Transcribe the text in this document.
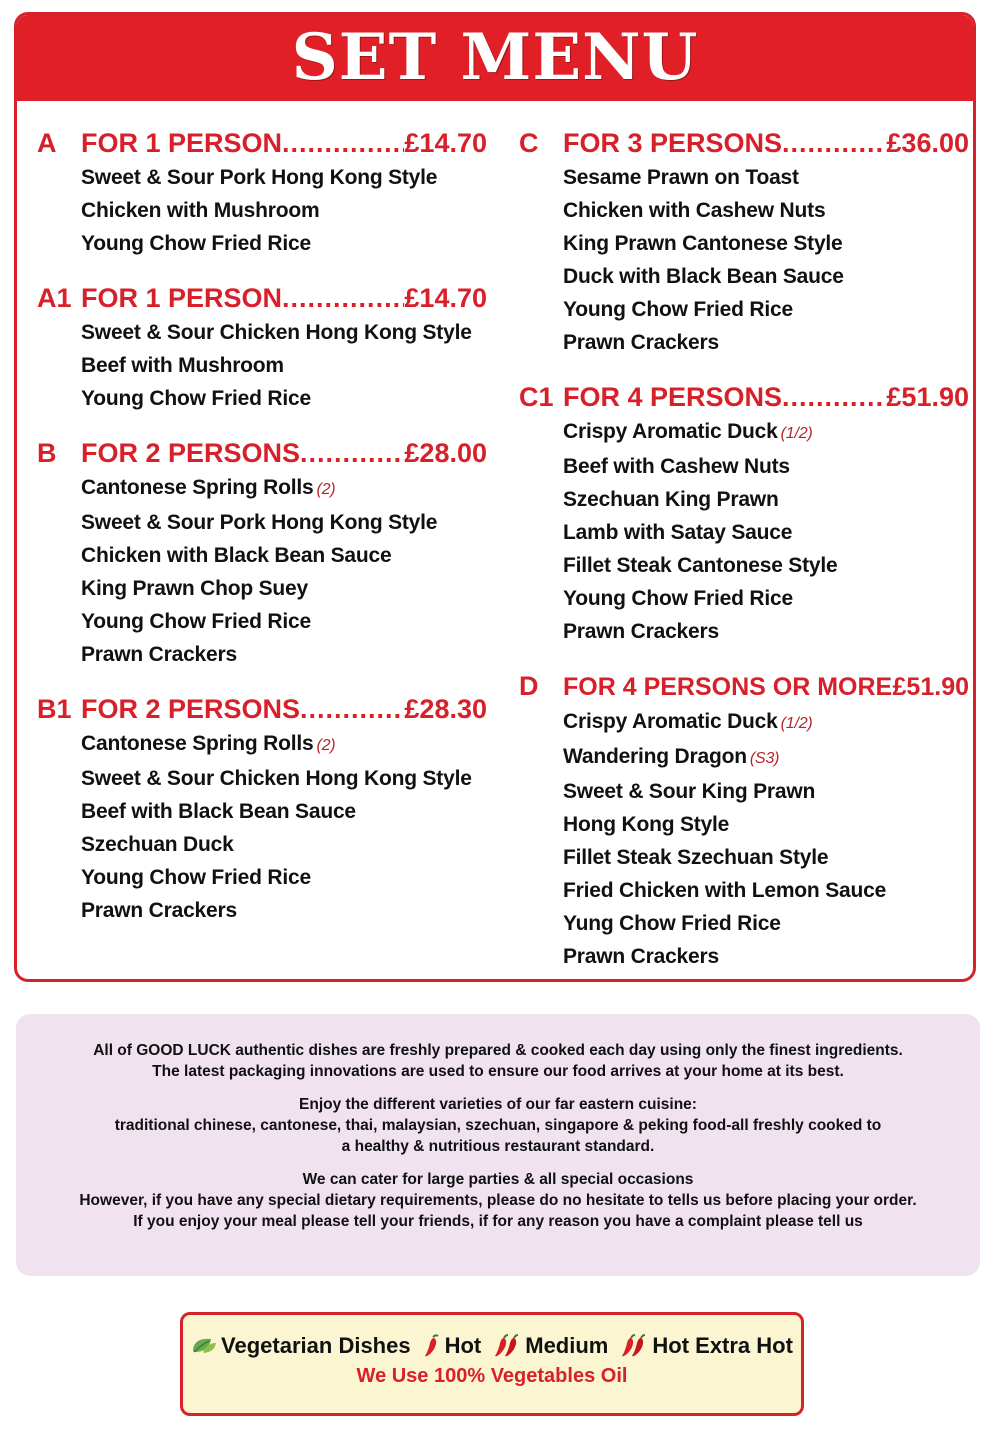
SET MENU
A FOR 1 PERSON .....	£14.70
Sweet & Sour Pork Hong Kong Style
Chicken with Mushroom
Young Chow Fried Rice
A1 FOR 1 PERSON .....	£14.70
Sweet & Sour Chicken Hong Kong Style
Beef with Mushroom
Young Chow Fried Rice
B FOR 2 PERSONS .....	£28.00
Cantonese Spring Rolls (2)
Sweet & Sour Pork Hong Kong Style
Chicken with Black Bean Sauce
King Prawn Chop Suey
Young Chow Fried Rice
Prawn Crackers
B1 FOR 2 PERSONS .....	£28.30
Cantonese Spring Rolls (2)
Sweet & Sour Chicken Hong Kong Style
Beef with Black Bean Sauce
Szechuan Duck
Young Chow Fried Rice
Prawn Crackers
C FOR 3 PERSONS .....	£36.00
Sesame Prawn on Toast
Chicken with Cashew Nuts
King Prawn Cantonese Style
Duck with Black Bean Sauce
Young Chow Fried Rice
Prawn Crackers
C1 FOR 4 PERSONS .....	£51.90
Crispy Aromatic Duck (1/2)
Beef with Cashew Nuts
Szechuan King Prawn
Lamb with Satay Sauce
Fillet Steak Cantonese Style
Young Chow Fried Rice
Prawn Crackers
D FOR 4 PERSONS OR MORE £51.90
Crispy Aromatic Duck (1/2)
Wandering Dragon (S3)
Sweet & Sour King Prawn
Hong Kong Style
Fillet Steak Szechuan Style
Fried Chicken with Lemon Sauce
Yung Chow Fried Rice
Prawn Crackers

All of GOOD LUCK authentic dishes are freshly prepared & cooked each day using only the finest ingredients.
The latest packaging innovations are used to ensure our food arrives at your home at its best.

Enjoy the different varieties of our far eastern cuisine:
traditional chinese, cantonese, thai, malaysian, szechuan, singapore & peking food-all freshly cooked to
a healthy & nutritious restaurant standard.

We can cater for large parties & all special occasions
However, if you have any special dietary requirements, please do no hesitate to tells us before placing your order.
If you enjoy your meal please tell your friends, if for any reason you have a complaint please tell us

Vegetarian Dishes Hot Medium Hot Extra Hot
We Use 100% Vegetables Oil
